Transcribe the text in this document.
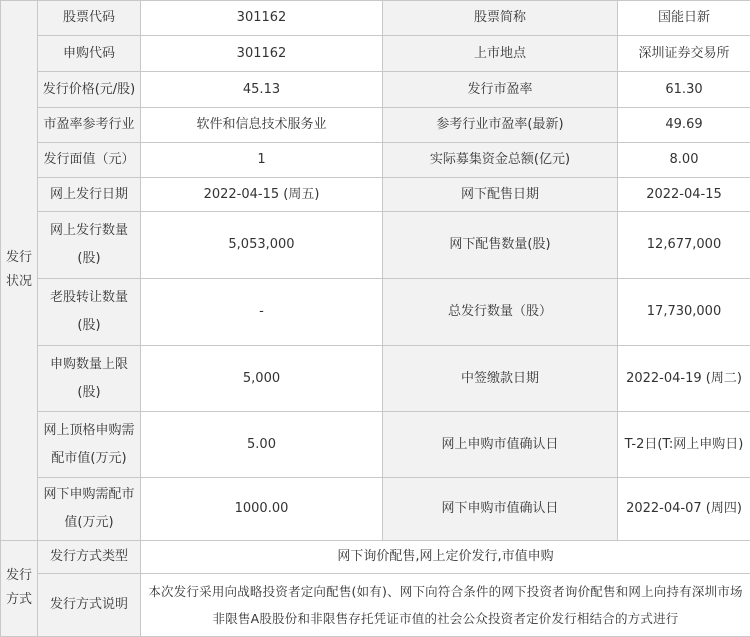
发行状况	股票代码	301162	股票简称	国能日新
	申购代码	301162	上市地点	深圳证券交易所
	发行价格(元/股)	45.13	发行市盈率	61.30
	市盈率参考行业	软件和信息技术服务业	参考行业市盈率(最新)	49.69
	发行面值（元）	1	实际募集资金总额(亿元)	8.00
	网上发行日期	2022-04-15 (周五)	网下配售日期	2022-04-15
	网上发行数量(股)	5,053,000	网下配售数量(股)	12,677,000
	老股转让数量(股)	-	总发行数量（股）	17,730,000
	申购数量上限(股)	5,000	中签缴款日期	2022-04-19 (周二)
	网上顶格申购需配市值(万元)	5.00	网上申购市值确认日	T-2日(T:网上申购日)
	网下申购需配市值(万元)	1000.00	网下申购市值确认日	2022-04-07 (周四)
发行方式	发行方式类型	网下询价配售,网上定价发行,市值申购		
	发行方式说明	本次发行采用向战略投资者定向配售(如有)、网下向符合条件的网下投资者询价配售和网上向持有深圳市场非限售A股股份和非限售存托凭证市值的社会公众投资者定价发行相结合的方式进行		
